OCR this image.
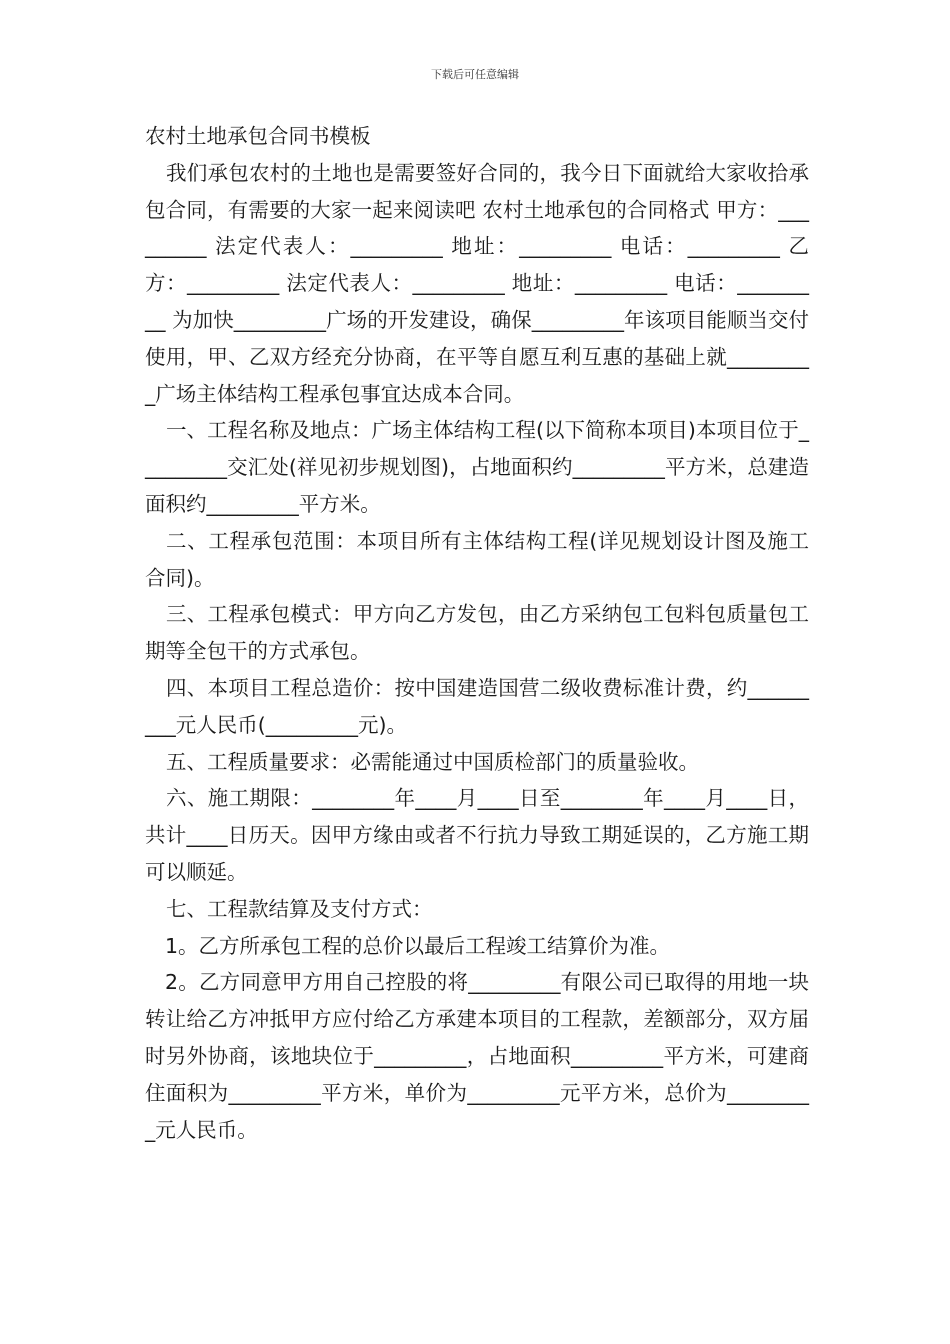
下载后可任意编辑

农村土地承包合同书模板

我们承包农村的土地也是需要签好合同的，我今日下面就给大家收拾承包合同，有需要的大家一起来阅读吧 农村土地承包的合同格式 甲方：_________ 法定代表人：_________ 地址：_________ 电话：_________ 乙方：_________ 法定代表人：_________ 地址：_________ 电话：_________ 为加快_________广场的开发建设，确保_________年该项目能顺当交付使用，甲、乙双方经充分协商，在平等自愿互利互惠的基础上就_________广场主体结构工程承包事宜达成本合同。

一、工程名称及地点：广场主体结构工程(以下简称本项目)本项目位于_________交汇处(祥见初步规划图)，占地面积约_________平方米，总建造面积约_________平方米。

二、工程承包范围：本项目所有主体结构工程(详见规划设计图及施工合同)。

三、工程承包模式：甲方向乙方发包，由乙方采纳包工包料包质量包工期等全包干的方式承包。

四、本项目工程总造价：按中国建造国营二级收费标准计费，约_________元人民币(_________元)。

五、工程质量要求：必需能通过中国质检部门的质量验收。

六、施工期限：________年____月____日至________年____月____日，共计____日历天。因甲方缘由或者不行抗力导致工期延误的，乙方施工期可以顺延。

七、工程款结算及支付方式：

1。乙方所承包工程的总价以最后工程竣工结算价为准。

2。乙方同意甲方用自己控股的将_________有限公司已取得的用地一块转让给乙方冲抵甲方应付给乙方承建本项目的工程款，差额部分，双方届时另外协商，该地块位于_________，占地面积_________平方米，可建商住面积为_________平方米，单价为_________元平方米，总价为_________元人民币。
